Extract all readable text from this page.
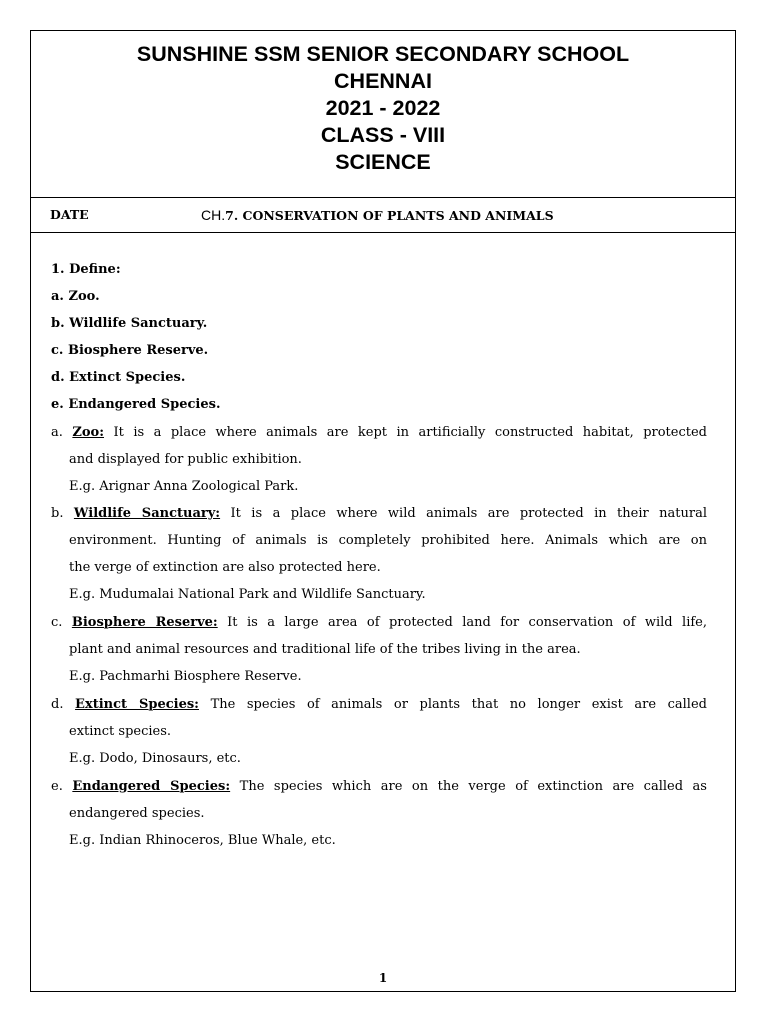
SUNSHINE SSM SENIOR SECONDARY SCHOOL
CHENNAI
2021 - 2022
CLASS - VIII
SCIENCE
DATE	CH.7. CONSERVATION OF PLANTS AND ANIMALS
1. Define:
a. Zoo.
b. Wildlife Sanctuary.
c. Biosphere Reserve.
d. Extinct Species.
e. Endangered Species.
a. Zoo: It is a place where animals are kept in artificially constructed habitat, protected
and displayed for public exhibition.
E.g. Arignar Anna Zoological Park.
b. Wildlife Sanctuary: It is a place where wild animals are protected in their natural
environment. Hunting of animals is completely prohibited here. Animals which are on
the verge of extinction are also protected here.
E.g. Mudumalai National Park and Wildlife Sanctuary.
c. Biosphere Reserve: It is a large area of protected land for conservation of wild life,
plant and animal resources and traditional life of the tribes living in the area.
E.g. Pachmarhi Biosphere Reserve.
d. Extinct Species: The species of animals or plants that no longer exist are called
extinct species.
E.g. Dodo, Dinosaurs, etc.
e. Endangered Species: The species which are on the verge of extinction are called as
endangered species.
E.g. Indian Rhinoceros, Blue Whale, etc.
1
